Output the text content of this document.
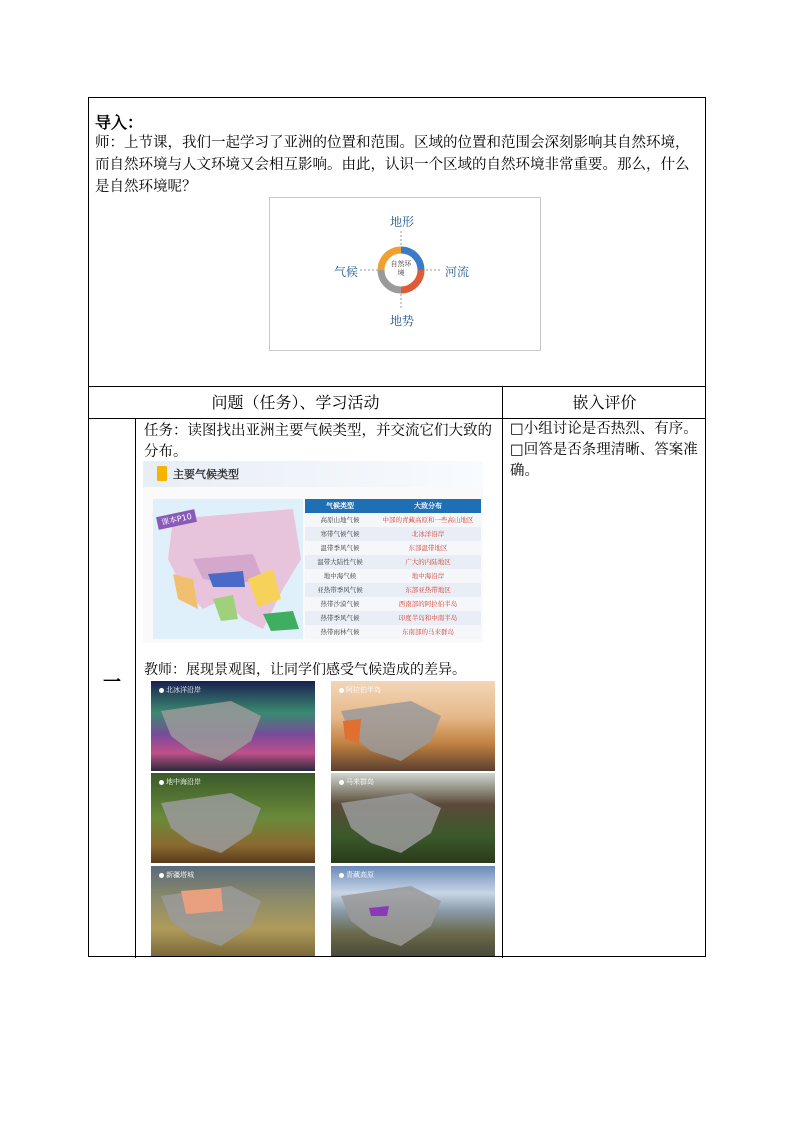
导入：
师：上节课，我们一起学习了亚洲的位置和范围。区域的位置和范围会深刻影响其自然环境，而自然环境与人文环境又会相互影响。由此，认识一个区域的自然环境非常重要。那么，什么是自然环境呢？
地形
地势
气候	河流
自然环境
问题（任务）、学习活动	嵌入评价
一
任务：读图找出亚洲主要气候类型，并交流它们大致的分布。
主要气候类型
课本P10
气候类型	大致分布
高原山地气候	中部的青藏高原和一些高山地区
寒带气候气候	北冰洋沿岸
温带季风气候	东部温带地区
温带大陆性气候	广大的内陆地区
地中海气候	地中海沿岸
亚热带季风气候	东部亚热带地区
热带沙漠气候	西南部的阿拉伯半岛
热带季风气候	印度半岛和中南半岛
热带雨林气候	东南部的马来群岛
教师：展现景观图，让同学们感受气候造成的差异。
北冰洋沿岸	阿拉伯半岛
地中海沿岸	马来群岛
新疆塔城	青藏高原
□小组讨论是否热烈、有序。
□回答是否条理清晰、答案准确。
